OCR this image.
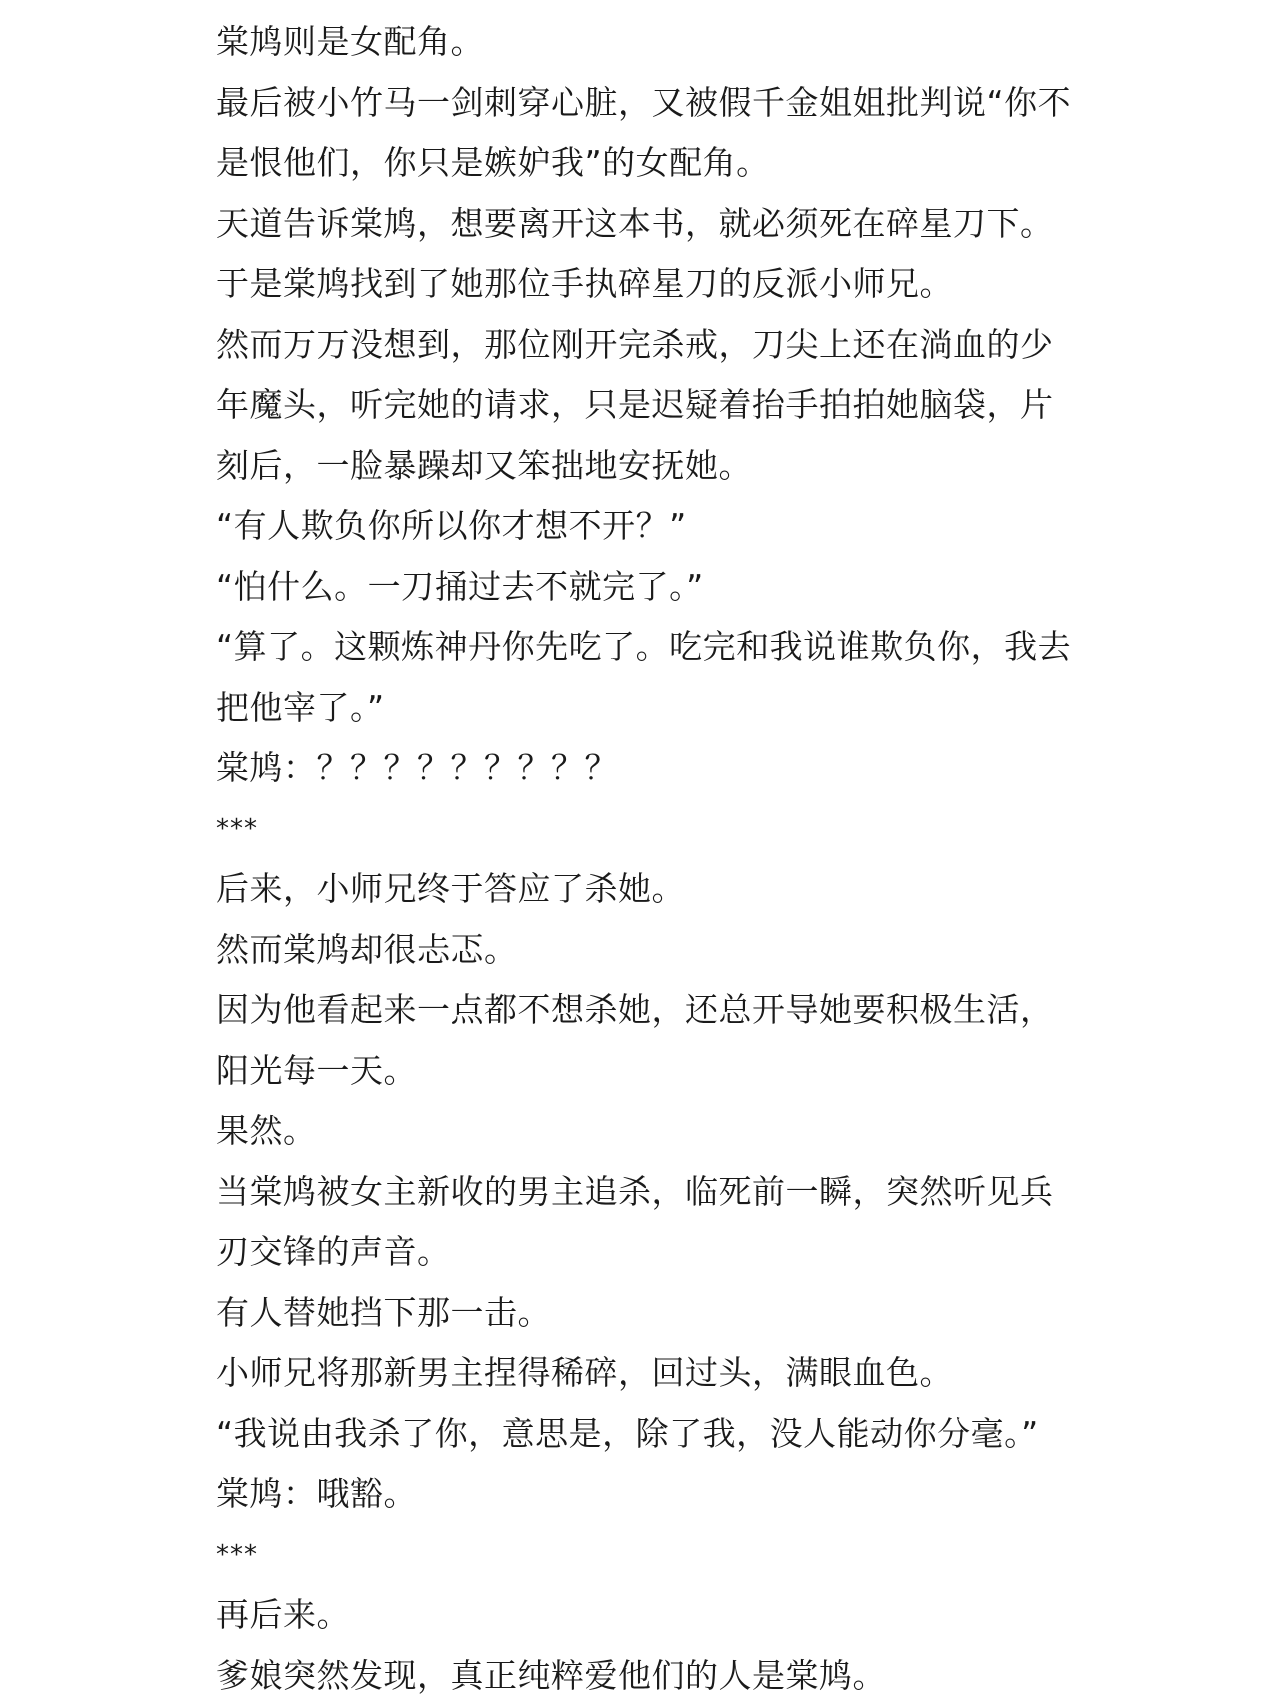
棠鸠则是女配角。

最后被小竹马一剑刺穿心脏，又被假千金姐姐批判说“你不是恨他们，你只是嫉妒我”的女配角。

天道告诉棠鸠，想要离开这本书，就必须死在碎星刀下。

于是棠鸠找到了她那位手执碎星刀的反派小师兄。

然而万万没想到，那位刚开完杀戒，刀尖上还在淌血的少年魔头，听完她的请求，只是迟疑着抬手拍拍她脑袋，片刻后，一脸暴躁却又笨拙地安抚她。

“有人欺负你所以你才想不开？”

“怕什么。一刀捅过去不就完了。”

“算了。这颗炼神丹你先吃了。吃完和我说谁欺负你，我去把他宰了。”

棠鸠：？？？？？？？？？

***

后来，小师兄终于答应了杀她。

然而棠鸠却很忐忑。

因为他看起来一点都不想杀她，还总开导她要积极生活，阳光每一天。

果然。

当棠鸠被女主新收的男主追杀，临死前一瞬，突然听见兵刃交锋的声音。

有人替她挡下那一击。

小师兄将那新男主捏得稀碎，回过头，满眼血色。

“我说由我杀了你，意思是，除了我，没人能动你分毫。”

棠鸠：哦豁。

***

再后来。

爹娘突然发现，真正纯粹爱他们的人是棠鸠。
